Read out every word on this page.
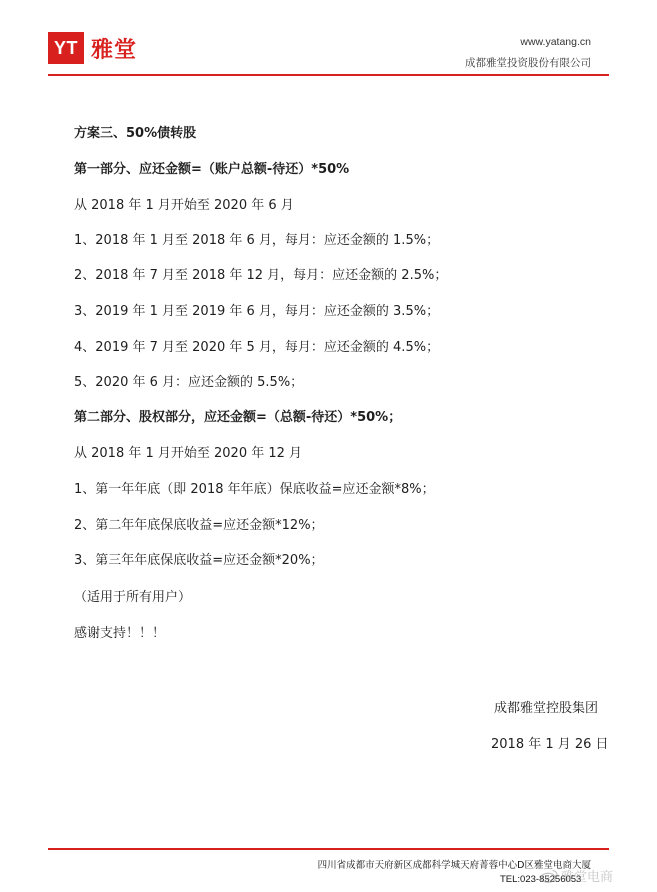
YT 雅堂	www.yatang.cn
成都雅堂投资股份有限公司
方案三、50%债转股
第一部分、应还金额=（账户总额-待还）*50%
从 2018 年 1 月开始至 2020 年 6 月
1、2018 年 1 月至 2018 年 6 月，每月：应还金额的 1.5%；
2、2018 年 7 月至 2018 年 12 月，每月：应还金额的 2.5%；
3、2019 年 1 月至 2019 年 6 月，每月：应还金额的 3.5%；
4、2019 年 7 月至 2020 年 5 月，每月：应还金额的 4.5%；
5、2020 年 6 月：应还金额的 5.5%；
第二部分、股权部分，应还金额=（总额-待还）*50%；
从 2018 年 1 月开始至 2020 年 12 月
1、第一年年底（即 2018 年年底）保底收益=应还金额*8%；
2、第二年年底保底收益=应还金额*12%；
3、第三年年底保底收益=应还金额*20%；
（适用于所有用户）
感谢支持！！！
成都雅堂控股集团
2018 年 1 月 26 日
四川省成都市天府新区成都科学城天府菁蓉中心D区雅堂电商大厦
TEL:023-85256053
雅堂电商
